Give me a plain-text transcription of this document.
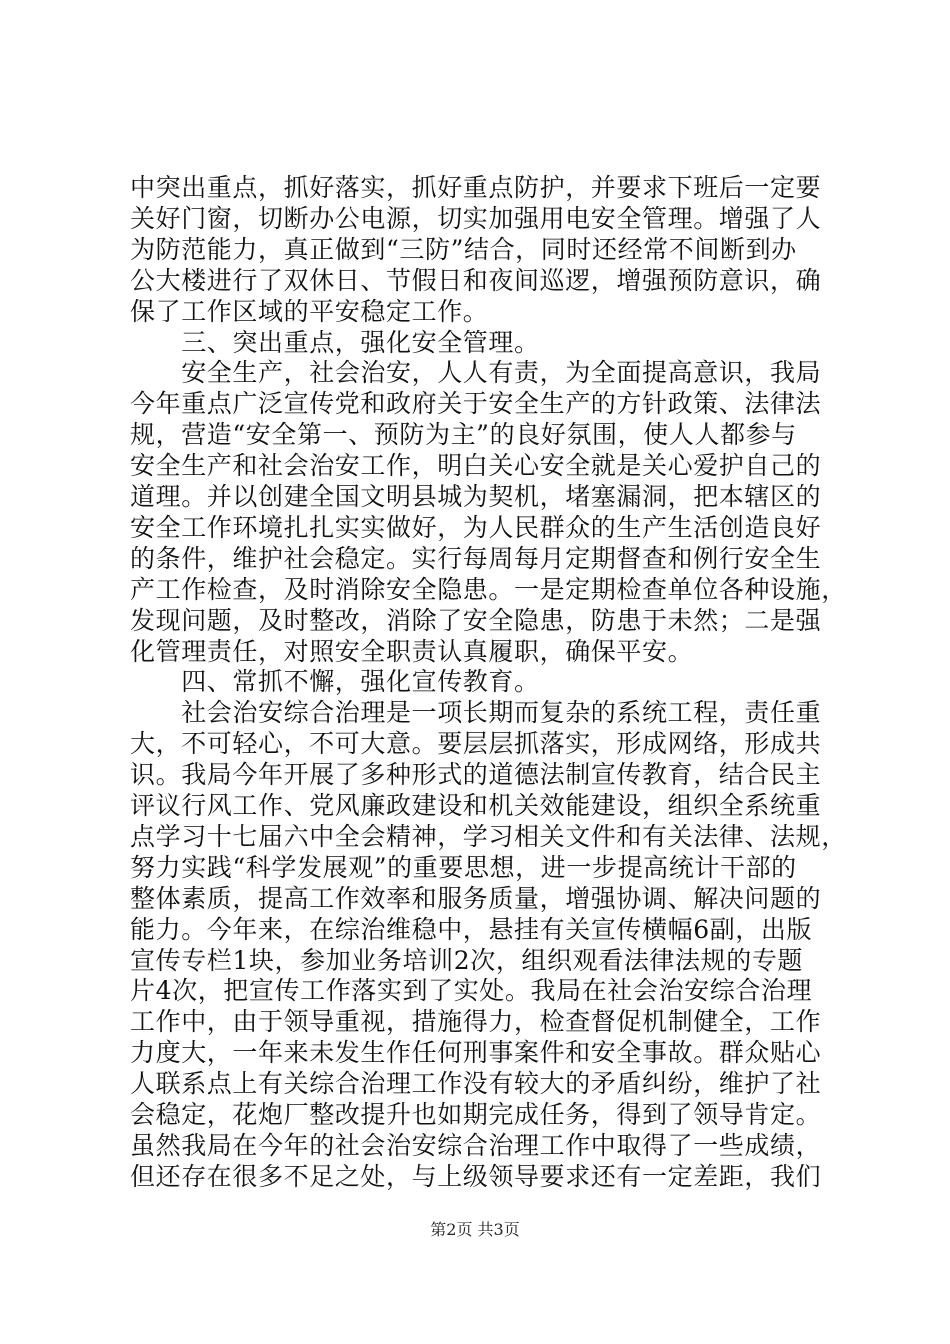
中突出重点，抓好落实，抓好重点防护，并要求下班后一定要
关好门窗，切断办公电源，切实加强用电安全管理。增强了人
为防范能力，真正做到“三防”结合，同时还经常不间断到办
公大楼进行了双休日、节假日和夜间巡逻，增强预防意识，确
保了工作区域的平安稳定工作。
　　三、突出重点，强化安全管理。
　　安全生产，社会治安，人人有责，为全面提高意识，我局
今年重点广泛宣传党和政府关于安全生产的方针政策、法律法
规，营造“安全第一、预防为主”的良好氛围，使人人都参与
安全生产和社会治安工作，明白关心安全就是关心爱护自己的
道理。并以创建全国文明县城为契机，堵塞漏洞，把本辖区的
安全工作环境扎扎实实做好，为人民群众的生产生活创造良好
的条件，维护社会稳定。实行每周每月定期督查和例行安全生
产工作检查，及时消除安全隐患。一是定期检查单位各种设施，
发现问题，及时整改，消除了安全隐患，防患于未然；二是强
化管理责任，对照安全职责认真履职，确保平安。
　　四、常抓不懈，强化宣传教育。
　　社会治安综合治理是一项长期而复杂的系统工程，责任重
大，不可轻心，不可大意。要层层抓落实，形成网络，形成共
识。我局今年开展了多种形式的道德法制宣传教育，结合民主
评议行风工作、党风廉政建设和机关效能建设，组织全系统重
点学习十七届六中全会精神，学习相关文件和有关法律、法规，
努力实践“科学发展观”的重要思想，进一步提高统计干部的
整体素质，提高工作效率和服务质量，增强协调、解决问题的
能力。今年来，在综治维稳中，悬挂有关宣传横幅6副，出版
宣传专栏1块，参加业务培训2次，组织观看法律法规的专题
片4次，把宣传工作落实到了实处。我局在社会治安综合治理
工作中，由于领导重视，措施得力，检查督促机制健全，工作
力度大，一年来未发生作任何刑事案件和安全事故。群众贴心
人联系点上有关综合治理工作没有较大的矛盾纠纷，维护了社
会稳定，花炮厂整改提升也如期完成任务，得到了领导肯定。
虽然我局在今年的社会治安综合治理工作中取得了一些成绩，
但还存在很多不足之处，与上级领导要求还有一定差距，我们
第2页 共3页
